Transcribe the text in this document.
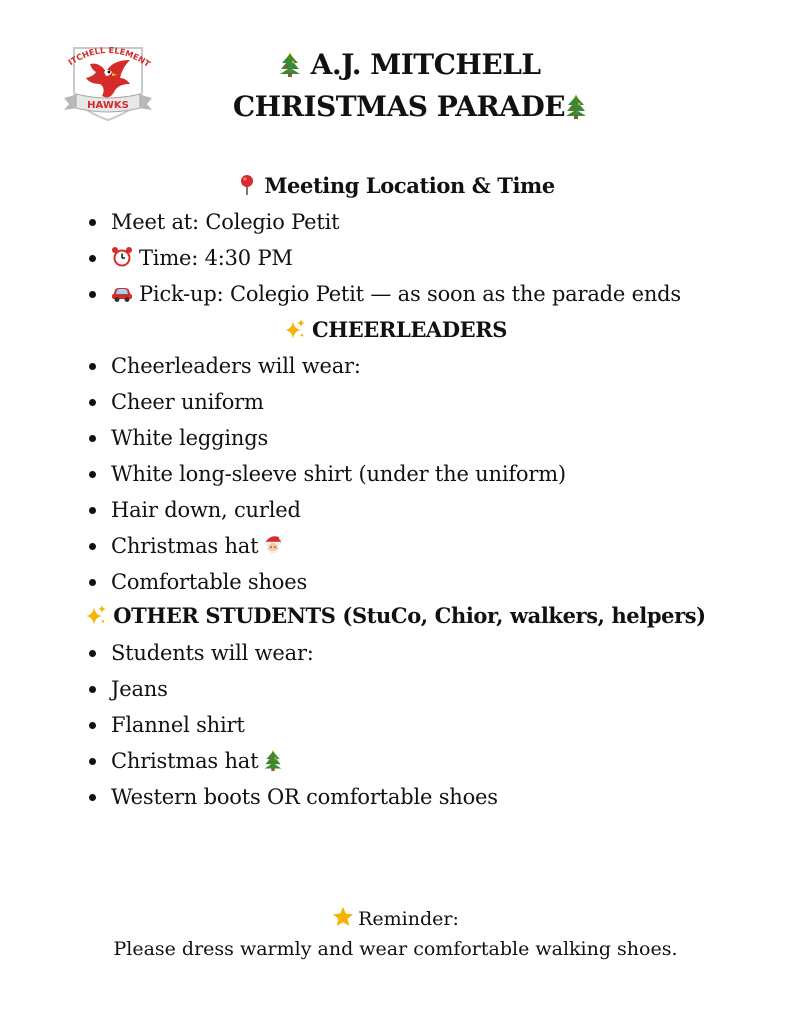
ITCHELL ELEMENT
HAWKS
A.J. MITCHELL
CHRISTMAS PARADE
Meeting Location & Time
Meet at: Colegio Petit
Time: 4:30 PM
Pick-up: Colegio Petit — as soon as the parade ends
CHEERLEADERS
Cheerleaders will wear:
Cheer uniform
White leggings
White long-sleeve shirt (under the uniform)
Hair down, curled
Christmas hat
Comfortable shoes
OTHER STUDENTS (StuCo, Chior, walkers, helpers)
Students will wear:
Jeans
Flannel shirt
Christmas hat
Western boots OR comfortable shoes
Reminder:
Please dress warmly and wear comfortable walking shoes.
